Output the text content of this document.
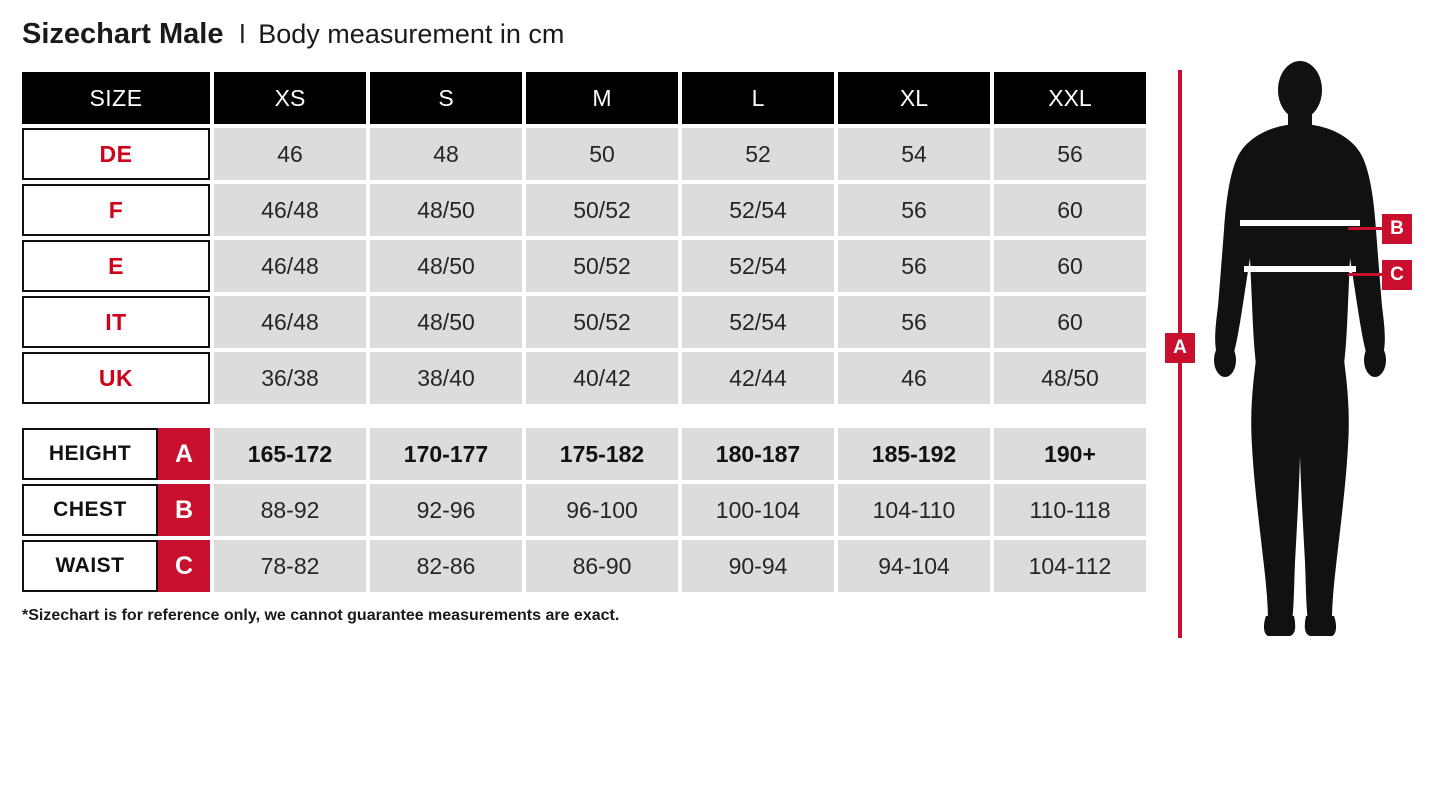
Sizechart Male l Body measurement in cm
SIZE	XS	S	M	L	XL	XXL
DE	46	48	50	52	54	56
F	46/48	48/50	50/52	52/54	56	60
E	46/48	48/50	50/52	52/54	56	60
IT	46/48	48/50	50/52	52/54	56	60
UK	36/38	38/40	40/42	42/44	46	48/50
HEIGHT	A	165-172	170-177	175-182	180-187	185-192	190+
CHEST	B	88-92	92-96	96-100	100-104	104-110	110-118
WAIST	C	78-82	82-86	86-90	90-94	94-104	104-112
*Sizechart is for reference only, we cannot guarantee measurements are exact.
A
B
C
